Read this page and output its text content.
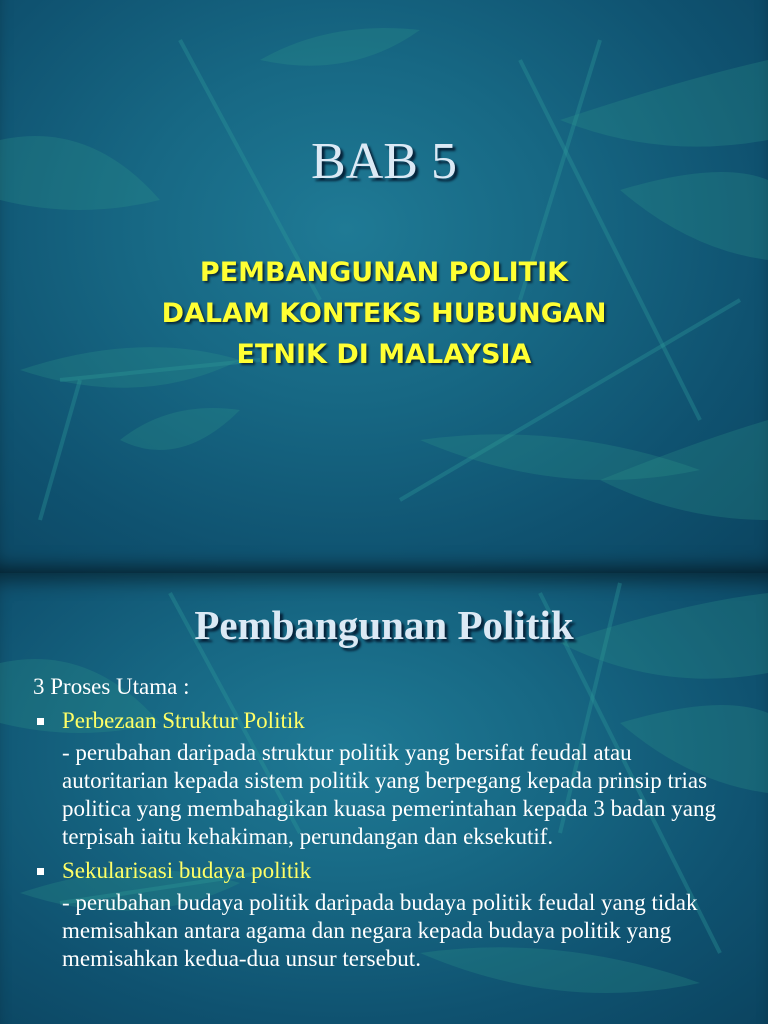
BAB 5
PEMBANGUNAN POLITIK
DALAM KONTEKS HUBUNGAN
ETNIK DI MALAYSIA
Pembangunan Politik
3 Proses Utama :
Perbezaan Struktur Politik
- perubahan daripada struktur politik yang bersifat feudal atau autoritarian kepada sistem politik yang berpegang kepada prinsip trias politica yang membahagikan kuasa pemerintahan kepada 3 badan yang terpisah iaitu kehakiman, perundangan dan eksekutif.
Sekularisasi budaya politik
- perubahan budaya politik daripada budaya politik feudal yang tidak memisahkan antara agama dan negara kepada budaya politik yang memisahkan kedua-dua unsur tersebut.
